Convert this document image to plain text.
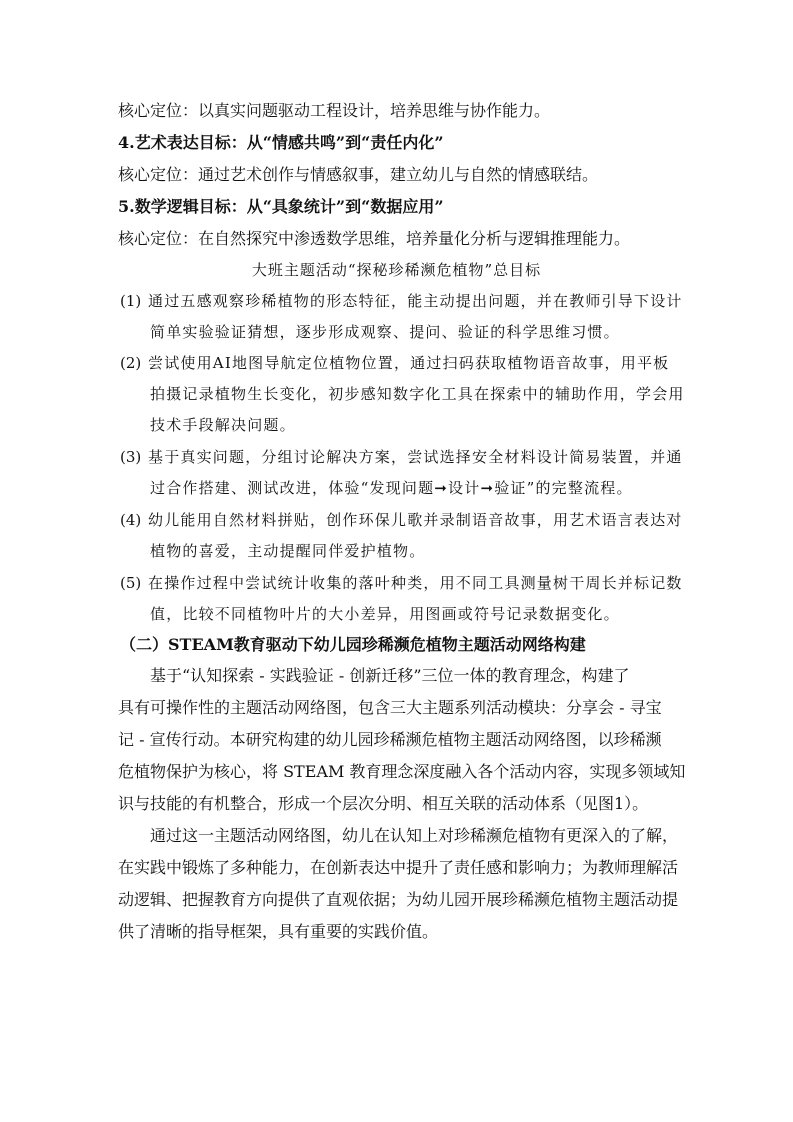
核心定位：以真实问题驱动工程设计，培养思维与协作能力。
4.艺术表达目标：从“情感共鸣”到“责任内化”
核心定位：通过艺术创作与情感叙事，建立幼儿与自然的情感联结。
5.数学逻辑目标：从“具象统计”到“数据应用”
核心定位：在自然探究中渗透数学思维，培养量化分析与逻辑推理能力。
大班主题活动“探秘珍稀濒危植物”总目标
(1) 通过五感观察珍稀植物的形态特征，能主动提出问题，并在教师引导下设计
简单实验验证猜想，逐步形成观察、提问、验证的科学思维习惯。
(2) 尝试使用AI地图导航定位植物位置，通过扫码获取植物语音故事，用平板
拍摄记录植物生长变化，初步感知数字化工具在探索中的辅助作用，学会用
技术手段解决问题。
(3) 基于真实问题，分组讨论解决方案，尝试选择安全材料设计简易装置，并通
过合作搭建、测试改进，体验“发现问题➞设计➞验证”的完整流程。
(4) 幼儿能用自然材料拼贴，创作环保儿歌并录制语音故事，用艺术语言表达对
植物的喜爱，主动提醒同伴爱护植物。
(5) 在操作过程中尝试统计收集的落叶种类，用不同工具测量树干周长并标记数
值，比较不同植物叶片的大小差异，用图画或符号记录数据变化。
（二）STEAM教育驱动下幼儿园珍稀濒危植物主题活动网络构建
基于“认知探索 - 实践验证 - 创新迁移”三位一体的教育理念，构建了
具有可操作性的主题活动网络图，包含三大主题系列活动模块：分享会 - 寻宝
记 - 宣传行动。本研究构建的幼儿园珍稀濒危植物主题活动网络图，以珍稀濒
危植物保护为核心，将 STEAM 教育理念深度融入各个活动内容，实现多领域知
识与技能的有机整合，形成一个层次分明、相互关联的活动体系（见图1）。
通过这一主题活动网络图，幼儿在认知上对珍稀濒危植物有更深入的了解，
在实践中锻炼了多种能力，在创新表达中提升了责任感和影响力；为教师理解活
动逻辑、把握教育方向提供了直观依据；为幼儿园开展珍稀濒危植物主题活动提
供了清晰的指导框架，具有重要的实践价值。
